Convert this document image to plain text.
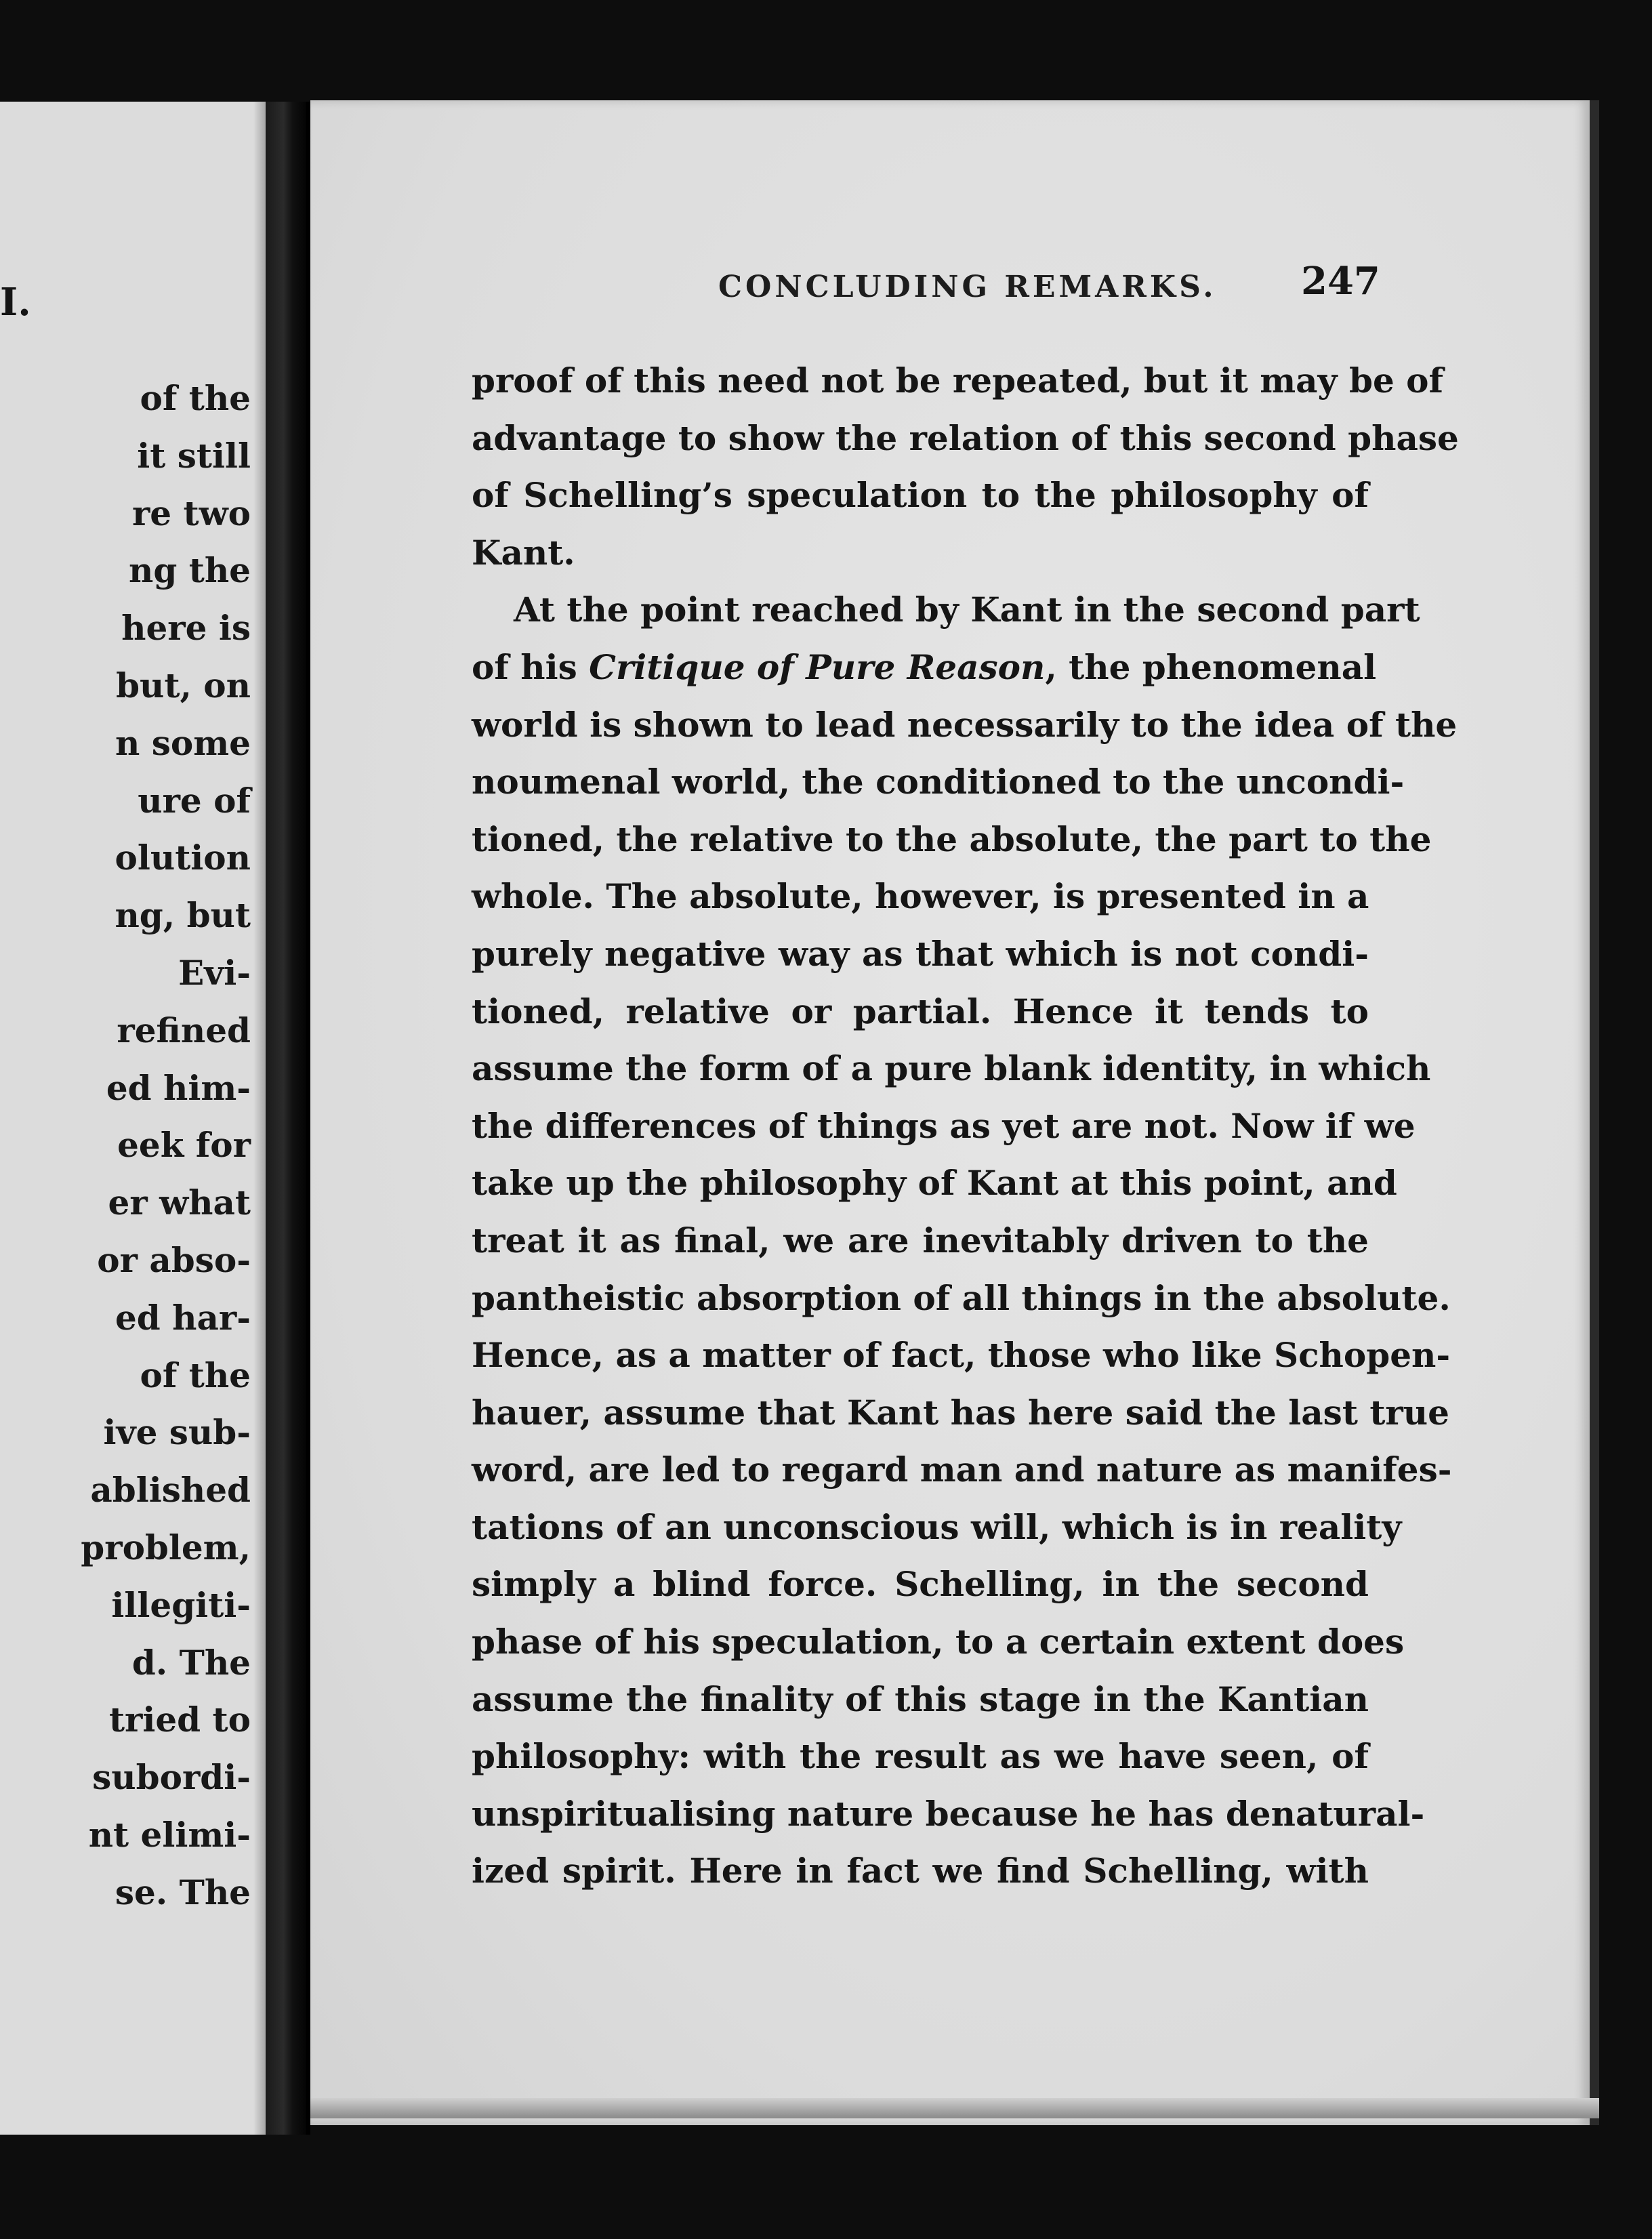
I.
of the
it still
re two
ng the
here is
but, on
n some
ure of
olution
ng, but
Evi-
refined
ed him-
eek for
er what
or abso-
ed har-
of the
ive sub-
ablished
problem,
illegiti-
d. The
tried to
subordi-
nt elimi-
se. The
CONCLUDING REMARKS. 247
proof of this need not be repeated, but it may be of
advantage to show the relation of this second phase
of Schelling’s speculation to the philosophy of
Kant.
At the point reached by Kant in the second part
of his Critique of Pure Reason, the phenomenal
world is shown to lead necessarily to the idea of the
noumenal world, the conditioned to the uncondi-
tioned, the relative to the absolute, the part to the
whole. The absolute, however, is presented in a
purely negative way as that which is not condi-
tioned, relative or partial. Hence it tends to
assume the form of a pure blank identity, in which
the differences of things as yet are not. Now if we
take up the philosophy of Kant at this point, and
treat it as final, we are inevitably driven to the
pantheistic absorption of all things in the absolute.
Hence, as a matter of fact, those who like Schopen-
hauer, assume that Kant has here said the last true
word, are led to regard man and nature as manifes-
tations of an unconscious will, which is in reality
simply a blind force. Schelling, in the second
phase of his speculation, to a certain extent does
assume the finality of this stage in the Kantian
philosophy: with the result as we have seen, of
unspiritualising nature because he has denatural-
ized spirit. Here in fact we find Schelling, with
